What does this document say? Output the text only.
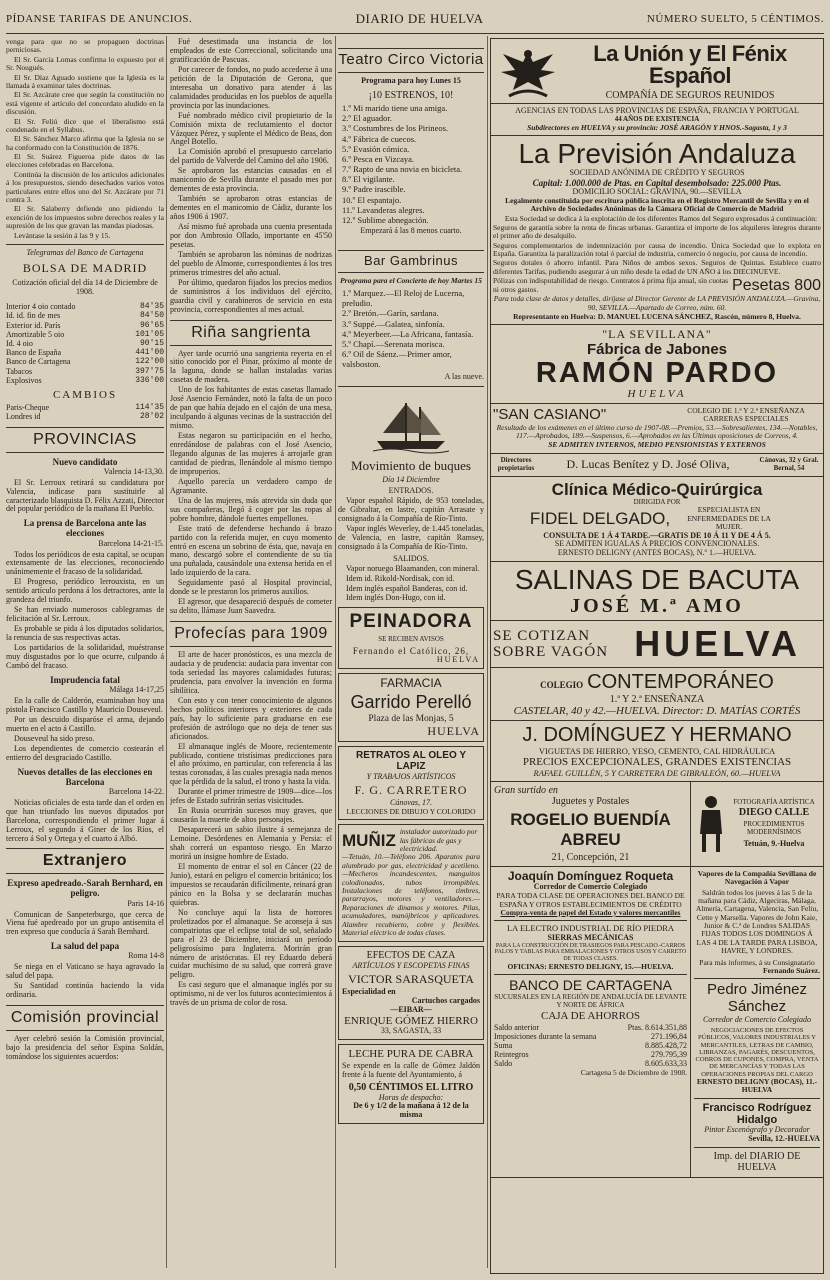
PÍDANSE TARIFAS DE ANUNCIOS.	DIARIO DE HUELVA	NÚMERO SUELTO, 5 CÉNTIMOS.

venga para que no se propaguen doctrinas perniciosas.

El Sr. García Lomas confirma lo expuesto por el Sr. Nougués.

El Sr. Díaz Aguado sostiene que la Iglesia es la llamada á examinar tales doctrinas.

El Sr. Azcárate cree que según la constitución no está vigente el artículo del concordato aludido en la discusión.

El Sr. Feliú dice que el liberalismo está condenado en el Syllabus.

El Sr. Sánchez Marco afirma que la Iglesia no se ha conformado con la Constitución de 1876.

El Sr. Suárez Figueroa pide datos de las elecciones celebradas en Barcelona.

Continúa la discusión de los artículos adicionales á los presupuestos, siendo desechados varios votos particulares entre ellos uno del Sr. Azcárate por 71 contra 3.

El Sr. Salaberry defiende uno pidiendo la exención de los impuestos sobre derechos reales y la supresión de los que gravan las mandas piadosas.

Levántase la sesión á las 9 y 15.

Telegramas del Banco de Cartagena

BOLSA DE MADRID

Cotización oficial del día 14 de Diciembre de 1908.

Interior 4 oio contado	84'35
Id. id. fin de mes	84'50
Exterior id. París	96'65
Amortizable 5 oio	101'05
Id. 4 oio	90'15
Banco de España	441'00
Banco de Cartagena	122'00
Tabacos	397'75
Explosivos	336'00

CAMBIOS

Paris-Cheque	114'35
Londres id	28'02
PROVINCIAS
Nuevo candidato
Valencia 14-13,30.

El Sr. Lerroux retirará su candidatura por Valencia, indicase para sustituirle al caracterizado blasquista D. Félix Azzati, Director del popular periódico de la mañana El Pueblo.

La prensa de Barcelona ante las elecciones
Barcelona 14-21-15.

Todos los periódicos de esta capital, se ocupan extensamente de las elecciones, reconociendo unánimemente el fracaso de la solidaridad.

El Progreso, periódico lerrouxista, en un sentido artículo perdona á los detractores, ante la grandeza del triunfo.

Se han enviado numerosos cablegramas de felicitación al Sr. Lerroux.

Es probable se pida á los diputados solidarios, la renuncia de sus respectivas actas.

Los partidarios de la solidaridad, muéstranse muy disgustados por lo que ocurre, culpando á Cambó del fracaso.

Imprudencia fatal
Málaga 14-17,25

En la calle de Calderón, examinaban hoy una pistola Francisco Castillo y Mauricio Douseveul.

Por un descuido disparóse el arma, dejando muerto en el acto á Castillo.

Douseveul ha sido preso.

Los dependientes de comercio costearán el entierro del desgraciado Castillo.

Nuevos detalles de las elecciones en Barcelona
Barcelona 14-22.

Noticias oficiales de esta tarde dan el orden en que han triunfado los nuevos diputados por Barcelona, correspondiendo el primer lugar á Lerroux, el segundo á Giner de los Ríos, el tercero á Sol y Ortega y el cuarto á Albó.

Extranjero
Expreso apedreado.-Sarah Bernhard, en peligro.
Paris 14-16

Comunican de Sanpeterburgo, que cerca de Viena fué apedreado por un grupo antisemita el tren expreso que conducía á Sarah Bernhard.

La salud del papa
Roma 14-8

Se niega en el Vaticano se haya agravado la salud del papa.

Su Santidad continúa haciendo la vida ordinaria.

Comisión provincial

Ayer celebró sesión la Comisión provincial, bajo la presidencia del señor Espina Soldán, tomándose los siguientes acuerdos:

Fué desestimada una instancia de los empleados de este Correccional, solicitando una gratificación de Pascuas.

Por carecer de fondos, no pudo accederse á una petición de la Diputación de Gerona, que interesaba un donativo para atender á las calamidades producidas en los pueblos de aquella provincia por las inundaciones.

Fué nombrado médico civil propietario de la Comisión mixta de reclutamiento el doctor Vázquez Pérez, y suplente el Médico de Beas, don Angel Botello.

La Comisión aprobó el presupuesto carcelario del partido de Valverde del Camino del año 1906.

Se aprobaron las estancias causadas en el manicomio de Sevilla durante el pasado mes por dementes de esta provincia.

También se aprobaron otras estancias de dementes en el manicomio de Cádiz, durante los años 1906 á 1907.

Así mismo fué aprobada una cuenta presentada por don Ambrosio Ollado, importante en 45'50 pesetas.

También se aprobaron las nóminas de nodrizas del pueblo de Almonte, correspondientes á los tres primeros trimestres del año actual.

Por último, quedaron fijados los precios medios de suministros á los individuos del ejército, guardia civil y carabineros de servicio en esta provincia, correspondientes al mes actual.

Riña sangrienta

Ayer tarde ocurrió una sangrienta reyerta en el sitio conocido por el Pinar, próximo al monte de la laguna, donde se hallan instaladas varias casetas de madera.

Uno de los habitantes de estas casetas llamado José Asencio Fernández, notó la falta de un poco de pan que había dejado en el cajón de una mesa, inculpando á algunas vecinas de la sustracción del mismo.

Estas negaron su participación en el hecho, enredándose de palabras con el José Asencio, llegando algunas de las mujeres á arrojarle gran cantidad de piedras, llenándole al mismo tiempo de improperios.

Aquello parecía un verdadero campo de Agramante.

Una de las mujeres, más atrevida sin duda que sus compañeras, llegó á coger por las ropas al pobre hombre, dándole fuertes empellones.

Este trató de defenderse hechando á brazo partido con la referida mujer, en cuyo momento entró en escena un sobrino de ésta, que, navaja en mano, descargó sobre el contendiente de su tía una puñalada, causándole una extensa herida en el lado izquierdo de la cara.

Seguidamente pasó al Hospital provincial, donde se le prestaron los primeros auxilios.

El agresor, que desapareció después de cometer su delito, llámase Juan Saavedra.

Profecías para 1909

El arte de hacer pronósticos, es una mezcla de audacia y de prudencia: audacia para inventar con toda seriedad las mayores calamidades futuras; prudencia, para envolver la invención en forma sibilítica.

Con esto y con tener conocimiento de algunos hechos políticos interiores y exteriores de cada país, hay lo suficiente para graduarse en ese profesión de astrólogo que no deja de tener sus aficionados.

El almanaque inglés de Moore, recientemente publicado, contiene tristísimas predicciones para el año próximo, en particular, con referencia á las testas coronadas, á las cuales presagia nada menos que la pérdida de la salud, el trono y hasta la vida.

Durante el primer trimestre de 1909—dice—los jefes de Estado sufrirán serias visicitudes.

En Rusia ocurrirán sucesos muy graves, que causarán la muerte de altos personajes.

Desaparecerá un sabio ilustre á semejanza de Lemoine. Desórdenes en Alemania y Persia: el shah correrá un espantoso riesgo. En Marzo morirá un insigne hombre de Estado.

El momento de entrar el sol en Cáncer (22 de Junio), estará en peligro el comercio británico; los impuestos se recaudarán difícilmente, reinará gran pánico en la Bolsa y se declararán muchas quiebras.

No concluye aquí la lista de horrores proletizados por el almanaque. Se aconseja á sus compatriotas que el eclipse total de sol, señalado para el 23 de Diciembre, iniciará un período peligrosísimo para Inglaterra. Morirán gran número de aristócratas. El rey Eduardo deberá cuidar muchísimo de su salud, que correrá grave peligro.

Es casi seguro que el almanaque inglés por su optimismo, ni de ver los futuros acontecimientos á través de un prisma de color de rosa.

Teatro Circo Victoria

Programa para hoy Lunes 15

¡10 ESTRENOS, 10!

1.º Mi marido tiene una amiga.
2.º El aguador.
3.º Costumbres de los Pirineos.
4.º Fábrica de cuecos.
5.º Evasión cómica.
6.º Pesca en Vizcaya.
7.º Rapto de una novia en bicicleta.
8.º El vigilante.
9.º Padre irascible.
10.º El espantajo.
11.º Lavanderas alegres.
12.º Sublime abnegación.

Empezará á las 8 menos cuarto.

Bar Gambrinus

Programa para el Concierto de hoy Martes 15

1.º Marquez.—El Reloj de Lucerna, preludio.
2.º Bretón.—Garín, sardana.
3.º Suppé.—Galatea, sinfonía.
4.º Meyerbeer.—La Africana, fantasía.
5.º Chapí.—Serenata morisca.
6.º Oil de Sáenz.—Primer amor, valsboston.

A las nueve.

Movimiento de buques

Día 14 Diciembre

ENTRADOS.

Vapor español Rápido, de 953 toneladas, de Gibraltar, en lastre, capitán Arrasate y consignado á la Compañía de Río-Tinto.

Vapor inglés Weverley, de 1.445 toneladas, de Valencia, en lastre, capitán Ramsey, consignado á la Compañía de Río-Tinto.

SALIDOS.

Vapor noruego Blaamanden, con mineral.

Idem id. Rikold-Nordisak, con id.

Idem inglés español Banderas, con id.

Idem inglés Don-Hugo, con id.

PEINADORA
SE RECIBEN AVISOS
Fernando el Católico, 26,
HUELVA
FARMACIA
Garrido Perelló
Plaza de las Monjas, 5
HUELVA
RETRATOS AL OLEO Y LAPIZ
Y TRABAJOS ARTÍSTICOS
F. G. CARRETERO
Cánovas, 17.
LECCIONES DE DIBUJO Y COLORIDO
MUÑIZ instalador autorizado por las fábricas de gas y electricidad.

—Tetuán, 10.—Teléfono 206. Aparatos para alumbrado por gas, electricidad y acetileno.—Mecheros incandescentes, manguitos colodionados, tubos irrompibles. Instalaciones de teléfonos, timbres, pararrayos, motores y ventiladores.—Reparaciones de dinamos y motores. Pilas, acumuladores, manójbricos y aplicadores. Alambre recubierto, cobre y flexibles. Material eléctrico de todas clases.

EFECTOS DE CAZA
ARTÍCULOS Y ESCOPETAS FINAS
VICTOR SARASQUETA
Especialidad en
Cartuchos cargados
—EIBAR—
ENRIQUE GÓMEZ HIERRO
33, SAGASTA, 33
LECHE PURA DE CABRA

Se expende en la calle de Gómez Jaldón frente á la fuente del Ayuntamiento, á

0,50 CÉNTIMOS EL LITRO
Horas de despacho:
De 6 y 1/2 de la mañana á 12 de la misma
La Unión y El Fénix Español
COMPAÑÍA DE SEGUROS REUNIDOS
AGENCIAS EN TODAS LAS PROVINCIAS DE ESPAÑA, FRANCIA Y PORTUGAL
44 AÑOS DE EXISTENCIA
Subdirectores en HUELVA y su provincia: JOSÉ ARAGÓN Y HNOS.-Sagasta, 1 y 3
La Previsión Andaluza
SOCIEDAD ANÓNIMA DE CRÉDITO Y SEGUROS
Capital: 1.000.000 de Ptas. en Capital desembolsado: 225.000 Ptas.
DOMICILIO SOCIAL: GRAVINA, 90.—SEVILLA

Legalmente constituida por escritura pública inscrita en el Registro Mercantil de Sevilla y en el Archivo de Sociedades Anónimas de la Cámara Oficial de Comercio de Madrid

Esta Sociedad se dedica á la explotación de los diferentes Ramos del Seguro expresados á continuación:

Seguros de garantía sobre la renta de fincas urbanas. Garantiza el importe de los alquileres íntegros durante el primer año de desalquilo.

Seguros complementarios de indemnización por causa de incendio. Única Sociedad que lo explota en España. Garantiza la paralización total ó parcial de industria, comercio ó negocio, por causa de incendio.

Seguros dotales ó ahorro infantil. Para Niños de ambos sexos. Seguros de Quintas. Establece cuatro diferentes Tarifas, pudiendo asegurar á un niño desde la edad de UN AÑO á los DIECINUEVE.

Pólizas con indisputabilidad de riesgo. Contratos á prima fija anual, sin cuotas ni otros gastos.	Pesetas 800

Para toda clase de datos y detalles, diríjase al Director Gerente de LA PREVISIÓN ANDALUZA.—Gravina, 90, SEVILLA.—Apartado de Correo, núm. 60.

Representante en Huelva: D. MANUEL LUCENA SÁNCHEZ, Rascón, número 8, Huelva.
"LA SEVILLANA"
Fábrica de Jabones
RAMÓN PARDO
HUELVA
"SAN CASIANO"	COLEGIO DE 1.ª Y 2.ª ENSEÑANZA CARRERAS ESPECIALES

Resultado de los exámenes en el último curso de 1907-08.—Premios, 53.—Sobresalientes, 134.—Notables, 117.—Aprobados, 189.—Suspensos, 6.—Aprobados en las Últimas oposiciones de Correos, 4.

SE ADMITEN INTERNOS, MEDIO PENSIONISTAS Y EXTERNOS
Directores propietarios	D. Lucas Benítez y D. José Oliva,	Cánovas, 32 y Gral. Bernal, 54
Clínica Médico-Quirúrgica
DIRIGIDA POR
FIDEL DELGADO,	ESPECIALISTA EN ENFERMEDADES DE LA MUJER.
CONSULTA DE 1 Á 4 TARDE.—GRATIS DE 10 Á 11 Y DE 4 Á 5.
SE ADMITEN IGUALAS Á PRECIOS CONVENCIONALES.
ERNESTO DELIGNY (ANTES BOCAS), N.º 1.—HUELVA.
SALINAS DE BACUTA
JOSÉ M.ª AMO
SE COTIZAN
SOBRE VAGÓN HUELVA
COLEGIO CONTEMPORÁNEO
1.ª Y 2.ª ENSEÑANZA
CASTELAR, 40 y 42.—HUELVA. Director: D. MATÍAS CORTÉS
J. DOMÍNGUEZ Y HERMANO
VIGUETAS DE HIERRO, YESO, CEMENTO, CAL HIDRÁULICA
PRECIOS EXCEPCIONALES, GRANDES EXISTENCIAS
RAFAEL GUILLÉN, 5 Y CARRETERA DE GIBRALEÓN, 60.—HUELVA
Gran surtido en
Juguetes y Postales
ROGELIO BUENDÍA ABREU
21, Concepción, 21
FOTOGRAFÍA ARTÍSTICA
DIEGO CALLE
PROCEDIMIENTOS
MODERNÍSIMOS
Tetuán, 9.-Huelva
Joaquín Domínguez Roqueta
Corredor de Comercio Colegiado
PARA TODA CLASE DE OPERACIONES DEL BANCO DE ESPAÑA Y OTROS ESTABLECIMIENTOS DE CRÉDITO
Compra-venta de papel del Estado y valores mercantiles
LA ELECTRO INDUSTRIAL DE RÍO PIEDRA
SIERRAS MECÁNICAS
PARA LA CONSTRUCCIÓN DE TRASIEGOS PARA PESCADO.-CARROS PALOS Y TABLAS PARA EMBALACIONES Y OTROS USOS Y CARRETO DE TODAS CLASES.
OFICINAS: ERNESTO DELIGNY, 15.—HUELVA.
BANCO DE CARTAGENA
SUCURSALES EN LA REGIÓN DE ANDALUCÍA DE LEVANTE Y NORTE DE ÁFRICA
CAJA DE AHORROS
Saldo anterior	Ptas. 8.614.351,88
Imposiciones durante la semana	271.196,84
Suma	8.885.428,72
Reintegros	279.795,39
Saldo	8.605.633,33
Cartagena 5 de Diciembre de 1908.
Vapores de la Compañía Sevillana de Navegación á Vapor
Saldrán todos los jueves á las 5 de la mañana para Cádiz, Algeciras, Málaga, Almería, Cartagena, Valencia, San Feliu, Cette y Marsella. Vapores de John Kaie, Junior & C.ª de Londres SALIDAS FIJAS TODOS LOS DOMINGOS Á LAS 4 DE LA TARDE PARA LISBOA, HAVRE, Y LONDRES.
Para más informes, á su Consignatario
Fernando Suárez.
Pedro Jiménez Sánchez
Corredor de Comercio Colegiado
NEGOCIACIONES DE EFECTOS PÚBLICOS, VALORES INDUSTRIALES Y MERCANTILES, LETRAS DE CAMBIO, LIBRANZAS, PAGARÉS, DESCUENTOS, COBROS DE CUPONES, COMPRA, VENTA DE MERCANCÍAS Y TODAS LAS OPERACIONES PROPIAS DEL CARGO
ERNESTO DELIGNY (BOCAS), 11.-HUELVA
Francisco Rodríguez Hidalgo
Pintor Escenógrafo y Decorador
Sevilla, 12.-HUELVA
Imp. del DIARIO DE HUELVA
